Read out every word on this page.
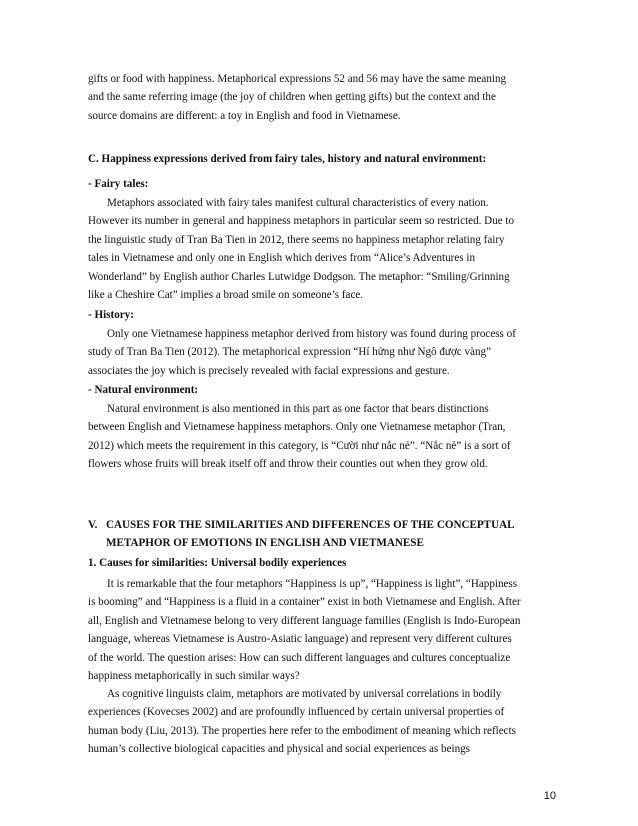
gifts or food with happiness. Metaphorical expressions 52 and 56 may have the same meaning
and the same referring image (the joy of children when getting gifts) but the context and the
source domains are different: a toy in English and food in Vietnamese.
C. Happiness expressions derived from fairy tales, history and natural environment:
- Fairy tales:
Metaphors associated with fairy tales manifest cultural characteristics of every nation.
However its number in general and happiness metaphors in particular seem so restricted. Due to
the linguistic study of Tran Ba Tien in 2012, there seems no happiness metaphor relating fairy
tales in Vietnamese and only one in English which derives from “Alice’s Adventures in
Wonderland” by English author Charles Lutwidge Dodgson. The metaphor: “Smiling/Grinning
like a Cheshire Cat” implies a broad smile on someone’s face.
- History:
Only one Vietnamese happiness metaphor derived from history was found during process of
study of Tran Ba Tien (2012). The metaphorical expression “Hí hửng như Ngô được vàng”
associates the joy which is precisely revealed with facial expressions and gesture.
- Natural environment:
Natural environment is also mentioned in this part as one factor that bears distinctions
between English and Vietnamese happiness metaphors. Only one Vietnamese metaphor (Tran,
2012) which meets the requirement in this category, is “Cười như nắc nẻ”. “Nắc nẻ” is a sort of
flowers whose fruits will break itself off and throw their counties out when they grow old.
V. CAUSES FOR THE SIMILARITIES AND DIFFERENCES OF THE CONCEPTUAL
METAPHOR OF EMOTIONS IN ENGLISH AND VIETMANESE
1. Causes for similarities: Universal bodily experiences
It is remarkable that the four metaphors “Happiness is up”, “Happiness is light”, “Happiness
is booming” and “Happiness is a fluid in a container” exist in both Vietnamese and English. After
all, English and Vietnamese belong to very different language families (English is Indo-European
language, whereas Vietnamese is Austro-Asiatic language) and represent very different cultures
of the world. The question arises: How can such different languages and cultures conceptualize
happiness metaphorically in such similar ways?
As cognitive linguists claim, metaphors are motivated by universal correlations in bodily
experiences (Kovecses 2002) and are profoundly influenced by certain universal properties of
human body (Liu, 2013). The properties here refer to the embodiment of meaning which reflects
human’s collective biological capacities and physical and social experiences as beings
10
